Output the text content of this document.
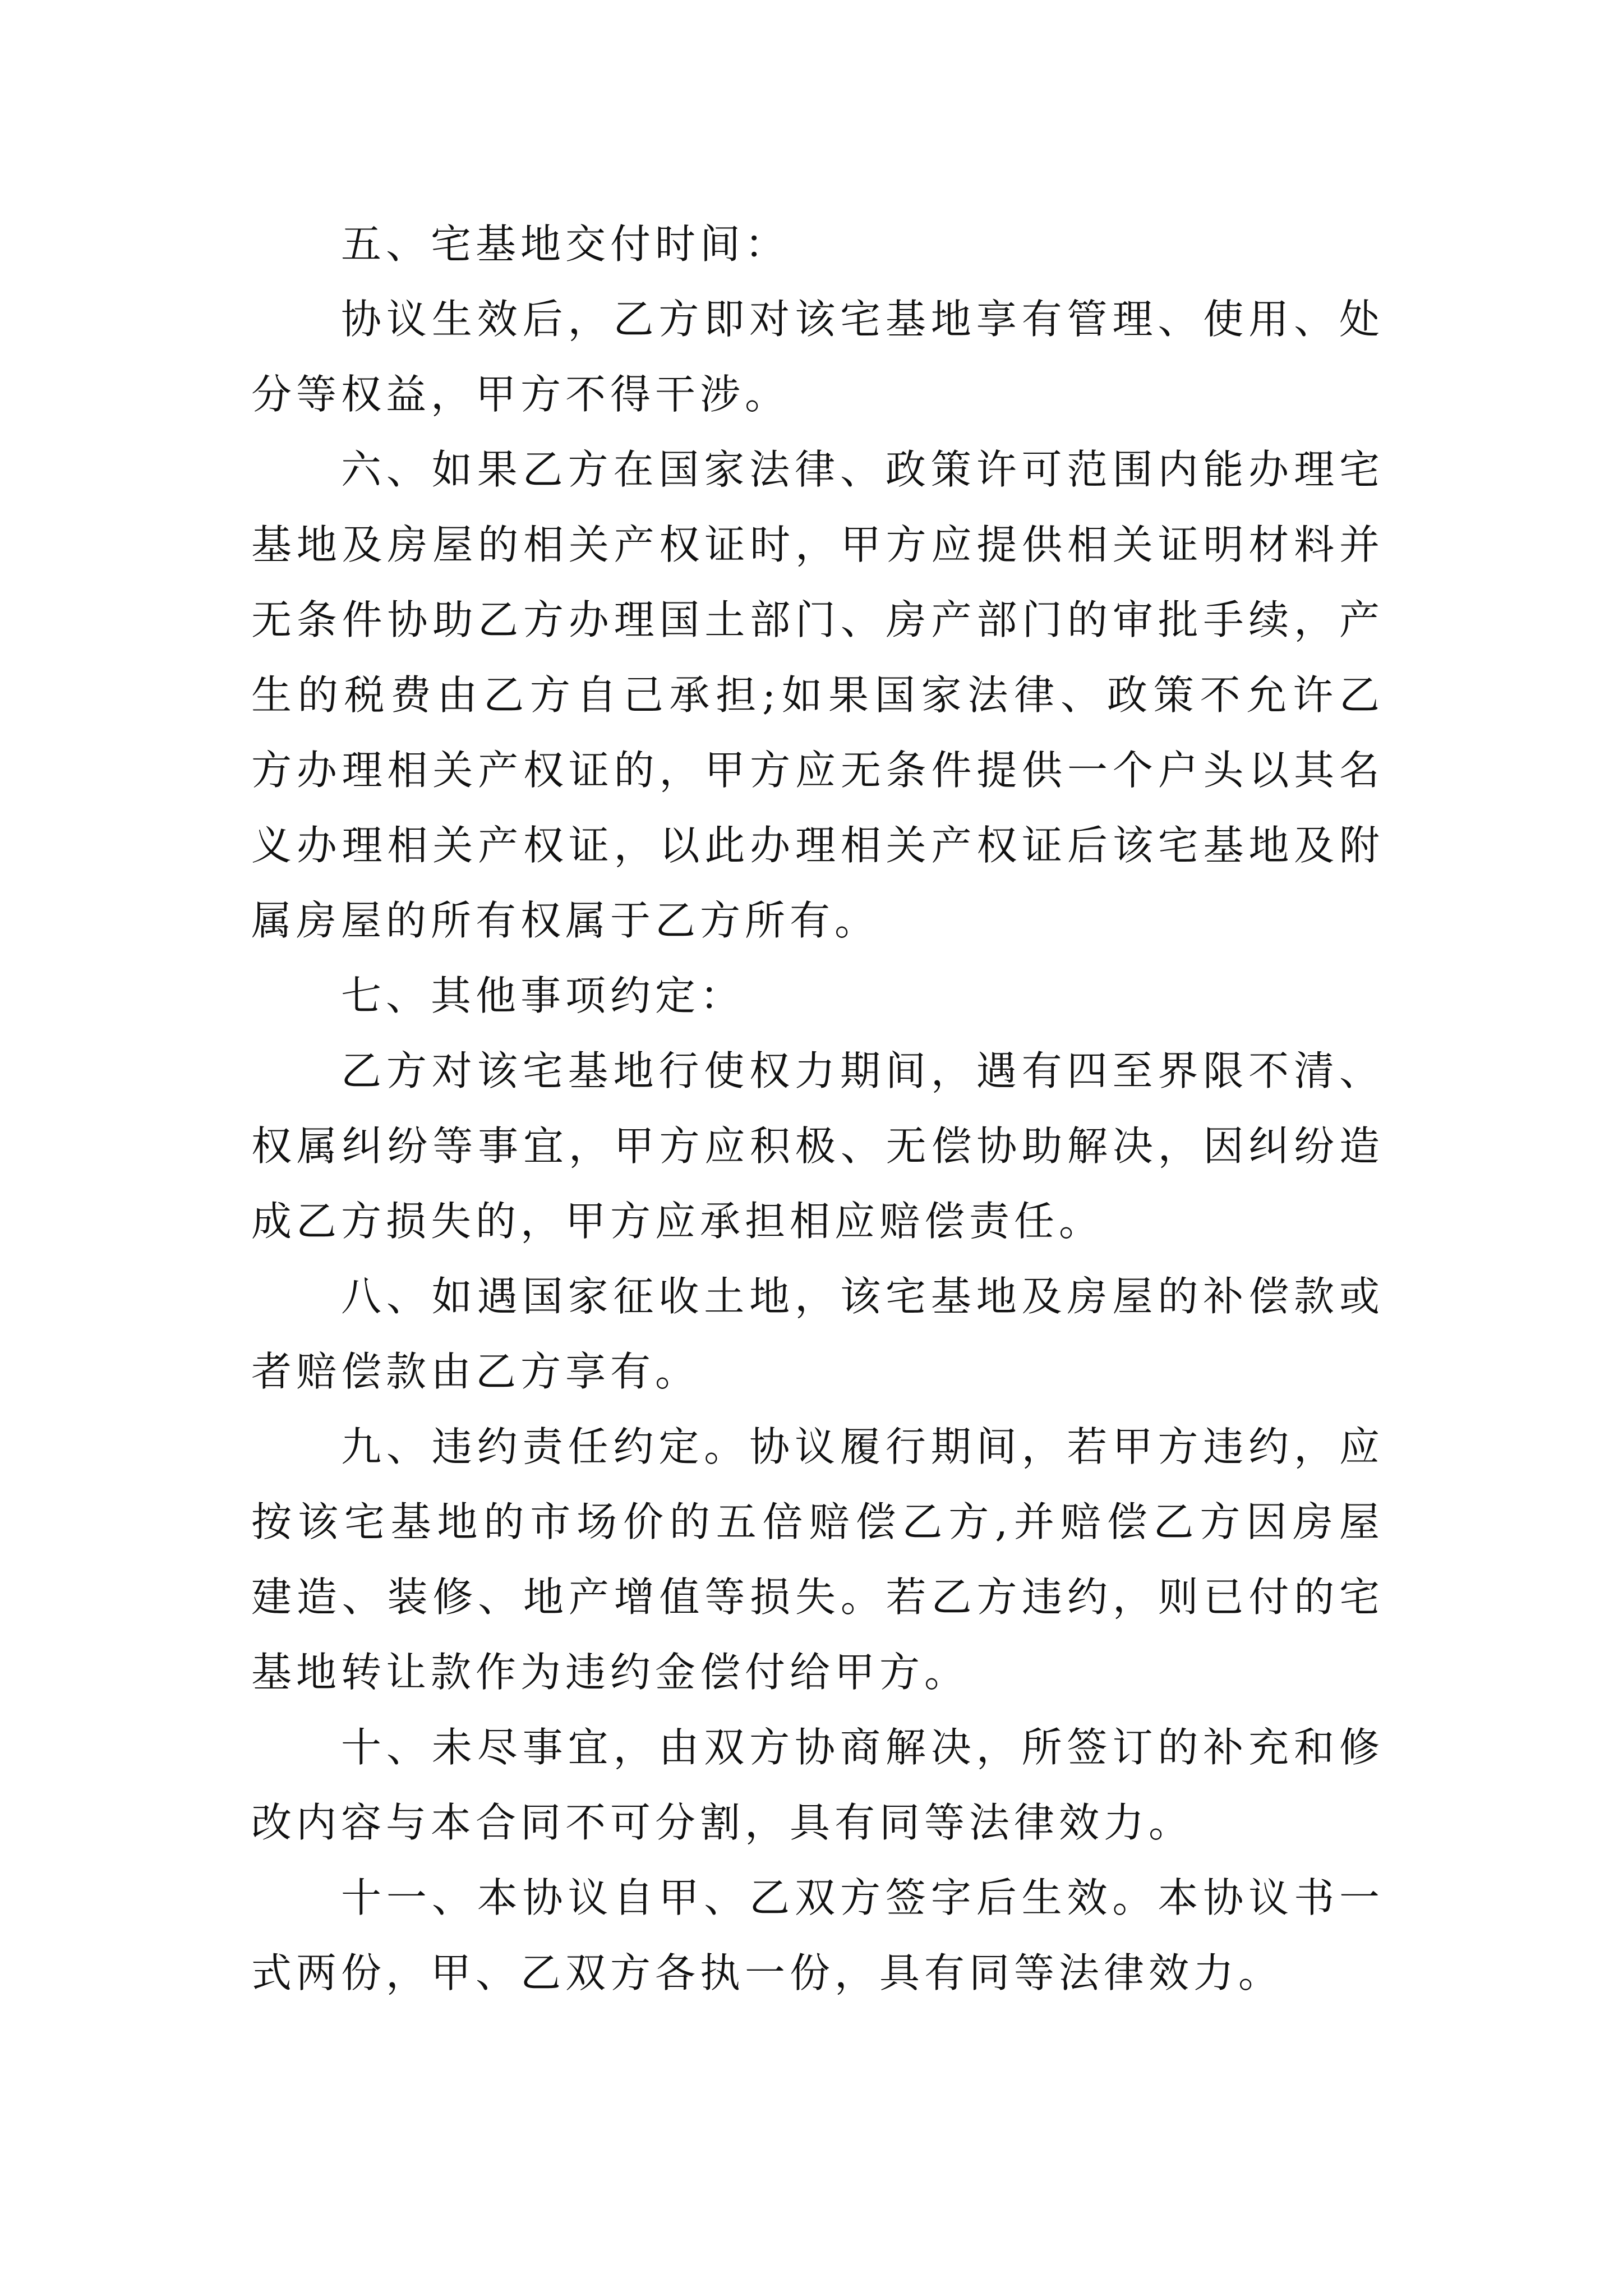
五、宅基地交付时间：

协议生效后，乙方即对该宅基地享有管理、使用、处分等权益，甲方不得干涉。

六、如果乙方在国家法律、政策许可范围内能办理宅基地及房屋的相关产权证时，甲方应提供相关证明材料并无条件协助乙方办理国土部门、房产部门的审批手续，产生的税费由乙方自己承担;如果国家法律、政策不允许乙方办理相关产权证的，甲方应无条件提供一个户头以其名义办理相关产权证，以此办理相关产权证后该宅基地及附属房屋的所有权属于乙方所有。

七、其他事项约定：

乙方对该宅基地行使权力期间，遇有四至界限不清、权属纠纷等事宜，甲方应积极、无偿协助解决，因纠纷造成乙方损失的，甲方应承担相应赔偿责任。

八、如遇国家征收土地，该宅基地及房屋的补偿款或者赔偿款由乙方享有。

九、违约责任约定。协议履行期间，若甲方违约，应按该宅基地的市场价的五倍赔偿乙方,并赔偿乙方因房屋建造、装修、地产增值等损失。若乙方违约，则已付的宅基地转让款作为违约金偿付给甲方。

十、未尽事宜，由双方协商解决，所签订的补充和修改内容与本合同不可分割，具有同等法律效力。

十一、本协议自甲、乙双方签字后生效。本协议书一式两份，甲、乙双方各执一份，具有同等法律效力。
